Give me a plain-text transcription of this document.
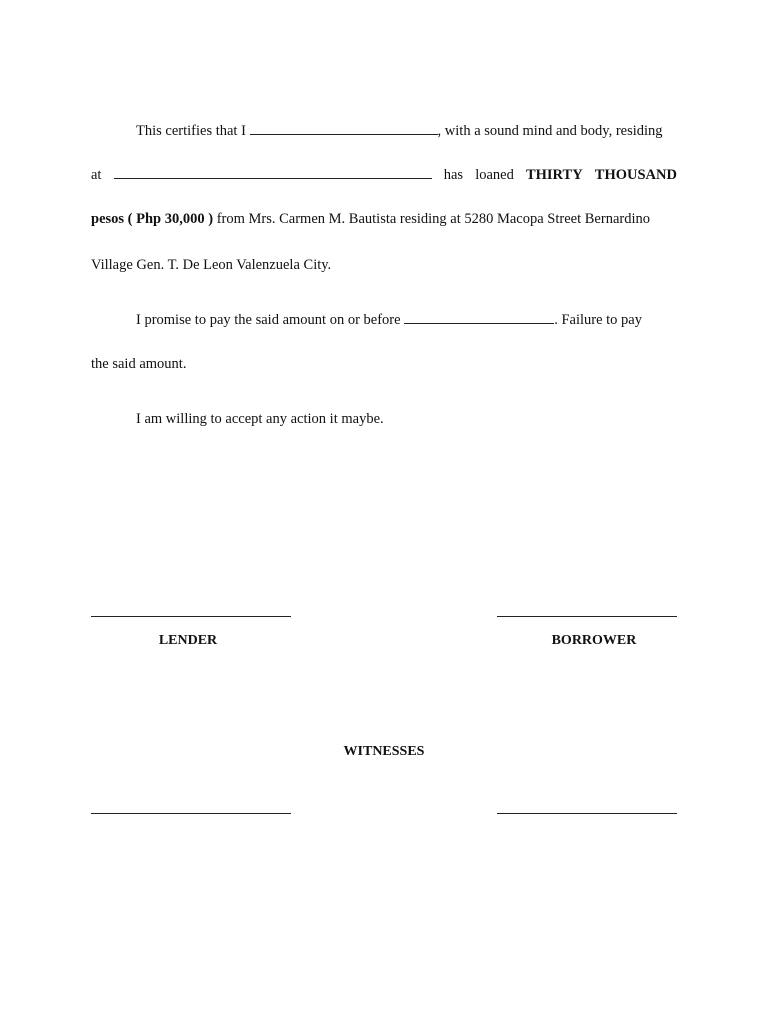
This certifies that I	, with a sound mind and body, residing
at	has loaned THIRTY THOUSAND
pesos ( Php 30,000 ) from Mrs. Carmen M. Bautista residing at 5280 Macopa Street Bernardino
Village Gen. T. De Leon Valenzuela City.
I promise to pay the said amount on or before	. Failure to pay
the said amount.
I am willing to accept any action it maybe.
LENDER	BORROWER
WITNESSES
